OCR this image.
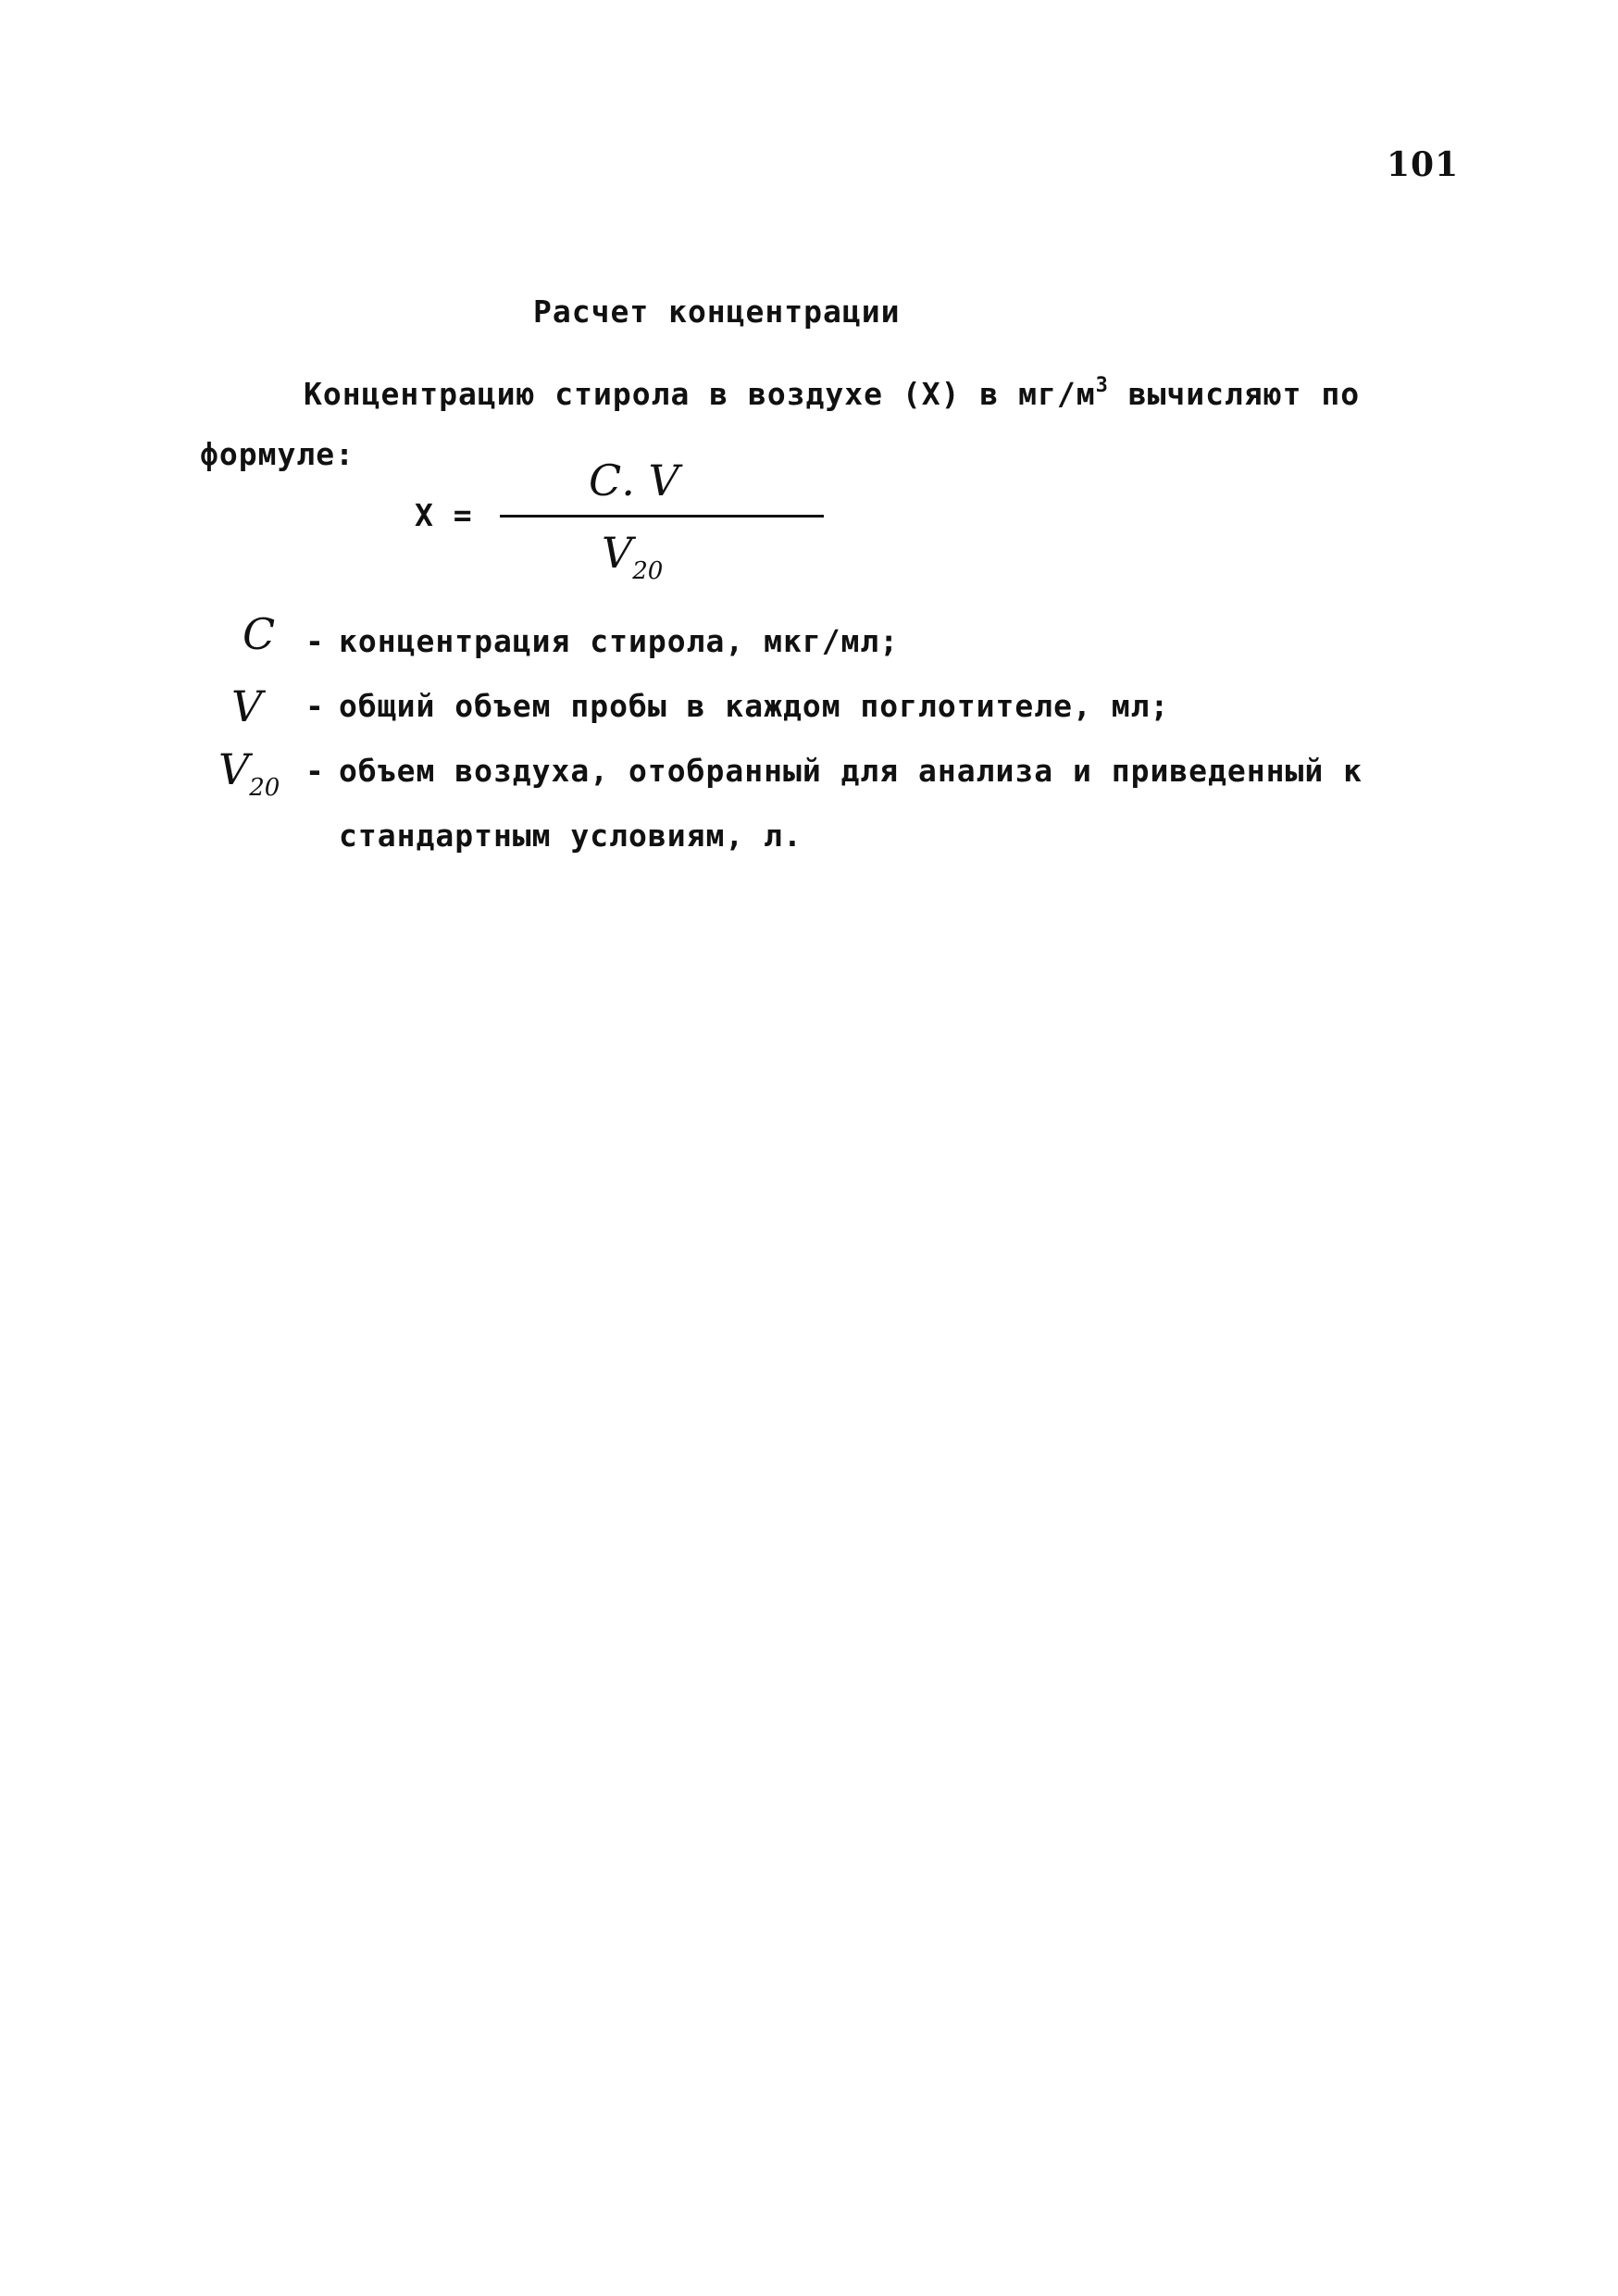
101
Расчет концентрации
Концентрацию стирола в воздухе (X) в $мг/м^3$ вычисляют по
формуле:
X =
С. V
$V_{20}$
С - концентрация стирола, мкг/мл;
V - общий объем пробы в каждом поглотителе, мл;
$V_{20}$ - объем воздуха, отобранный для анализа и приведенный к
стандартным условиям, л.
